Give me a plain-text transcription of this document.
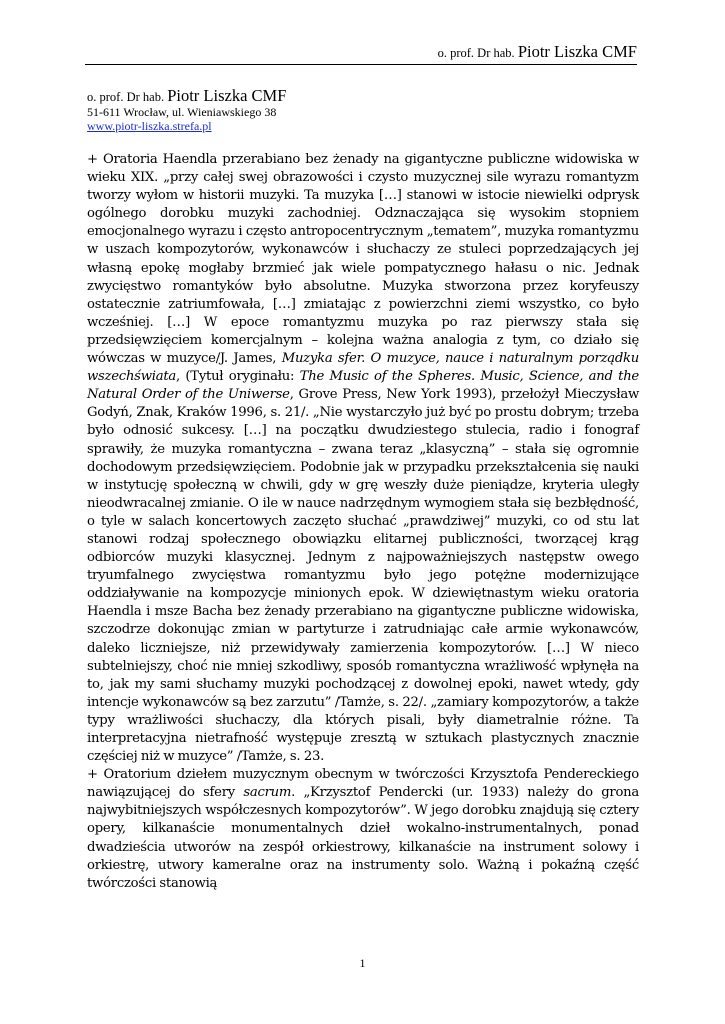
o. prof. Dr hab. Piotr Liszka CMF
o. prof. Dr hab. Piotr Liszka CMF
51-611 Wrocław, ul. Wieniawskiego 38
www.piotr-liszka.strefa.pl

+ Oratoria Haendla przerabiano bez żenady na gigantyczne publiczne widowiska w wieku XIX. „przy całej swej obrazowości i czysto muzycznej sile wyrazu romantyzm tworzy wyłom w historii muzyki. Ta muzyka […] stanowi w istocie niewielki odprysk ogólnego dorobku muzyki zachodniej. Odznaczająca się wysokim stopniem emocjonalnego wyrazu i często antropocentrycznym „tematem”, muzyka romantyzmu w uszach kompozytorów, wykonawców i słuchaczy ze stuleci poprzedzających jej własną epokę mogłaby brzmieć jak wiele pompatycznego hałasu o nic. Jednak zwycięstwo romantyków było absolutne. Muzyka stworzona przez koryfeuszy ostatecznie zatriumfowała, […] zmiatając z powierzchni ziemi wszystko, co było wcześniej. […] W epoce romantyzmu muzyka po raz pierwszy stała się przedsięwzięciem komercjalnym – kolejna ważna analogia z tym, co działo się wówczas w muzyce/J. James, Muzyka sfer. O muzyce, nauce i naturalnym porządku wszechświata, (Tytuł oryginału: The Music of the Spheres. Music, Science, and the Natural Order of the Uniwerse, Grove Press, New York 1993), przełożył Mieczysław Godyń, Znak, Kraków 1996, s. 21/. „Nie wystarczyło już być po prostu dobrym; trzeba było odnosić sukcesy. […] na początku dwudziestego stulecia, radio i fonograf sprawiły, że muzyka romantyczna – zwana teraz „klasyczną” – stała się ogromnie dochodowym przedsięwzięciem. Podobnie jak w przypadku przekształcenia się nauki w instytucję społeczną w chwili, gdy w grę weszły duże pieniądze, kryteria uległy nieodwracalnej zmianie. O ile w nauce nadrzędnym wymogiem stała się bezbłędność, o tyle w salach koncertowych zaczęto słuchać „prawdziwej” muzyki, co od stu lat stanowi rodzaj społecznego obowiązku elitarnej publiczności, tworzącej krąg odbiorców muzyki klasycznej. Jednym z najpoważniejszych następstw owego tryumfalnego zwycięstwa romantyzmu było jego potężne modernizujące oddziaływanie na kompozycje minionych epok. W dziewiętnastym wieku oratoria Haendla i msze Bacha bez żenady przerabiano na gigantyczne publiczne widowiska, szczodrze dokonując zmian w partyturze i zatrudniając całe armie wykonawców, daleko liczniejsze, niż przewidywały zamierzenia kompozytorów. […] W nieco subtelniejszy, choć nie mniej szkodliwy, sposób romantyczna wrażliwość wpłynęła na to, jak my sami słuchamy muzyki pochodzącej z dowolnej epoki, nawet wtedy, gdy intencje wykonawców są bez zarzutu” /Tamże, s. 22/. „zamiary kompozytorów, a także typy wrażliwości słuchaczy, dla których pisali, były diametralnie różne. Ta interpretacyjna nietrafność występuje zresztą w sztukach plastycznych znacznie częściej niż w muzyce” /Tamże, s. 23.

+ Oratorium dziełem muzycznym obecnym w twórczości Krzysztofa Pendereckiego nawiązującej do sfery sacrum. „Krzysztof Pendercki (ur. 1933) należy do grona najwybitniejszych współczesnych kompozytorów”. W jego dorobku znajdują się cztery opery, kilkanaście monumentalnych dzieł wokalno-instrumentalnych, ponad dwadzieścia utworów na zespół orkiestrowy, kilkanaście na instrument solowy i orkiestrę, utwory kameralne oraz na instrumenty solo. Ważną i pokaźną część twórczości stanowią

1
